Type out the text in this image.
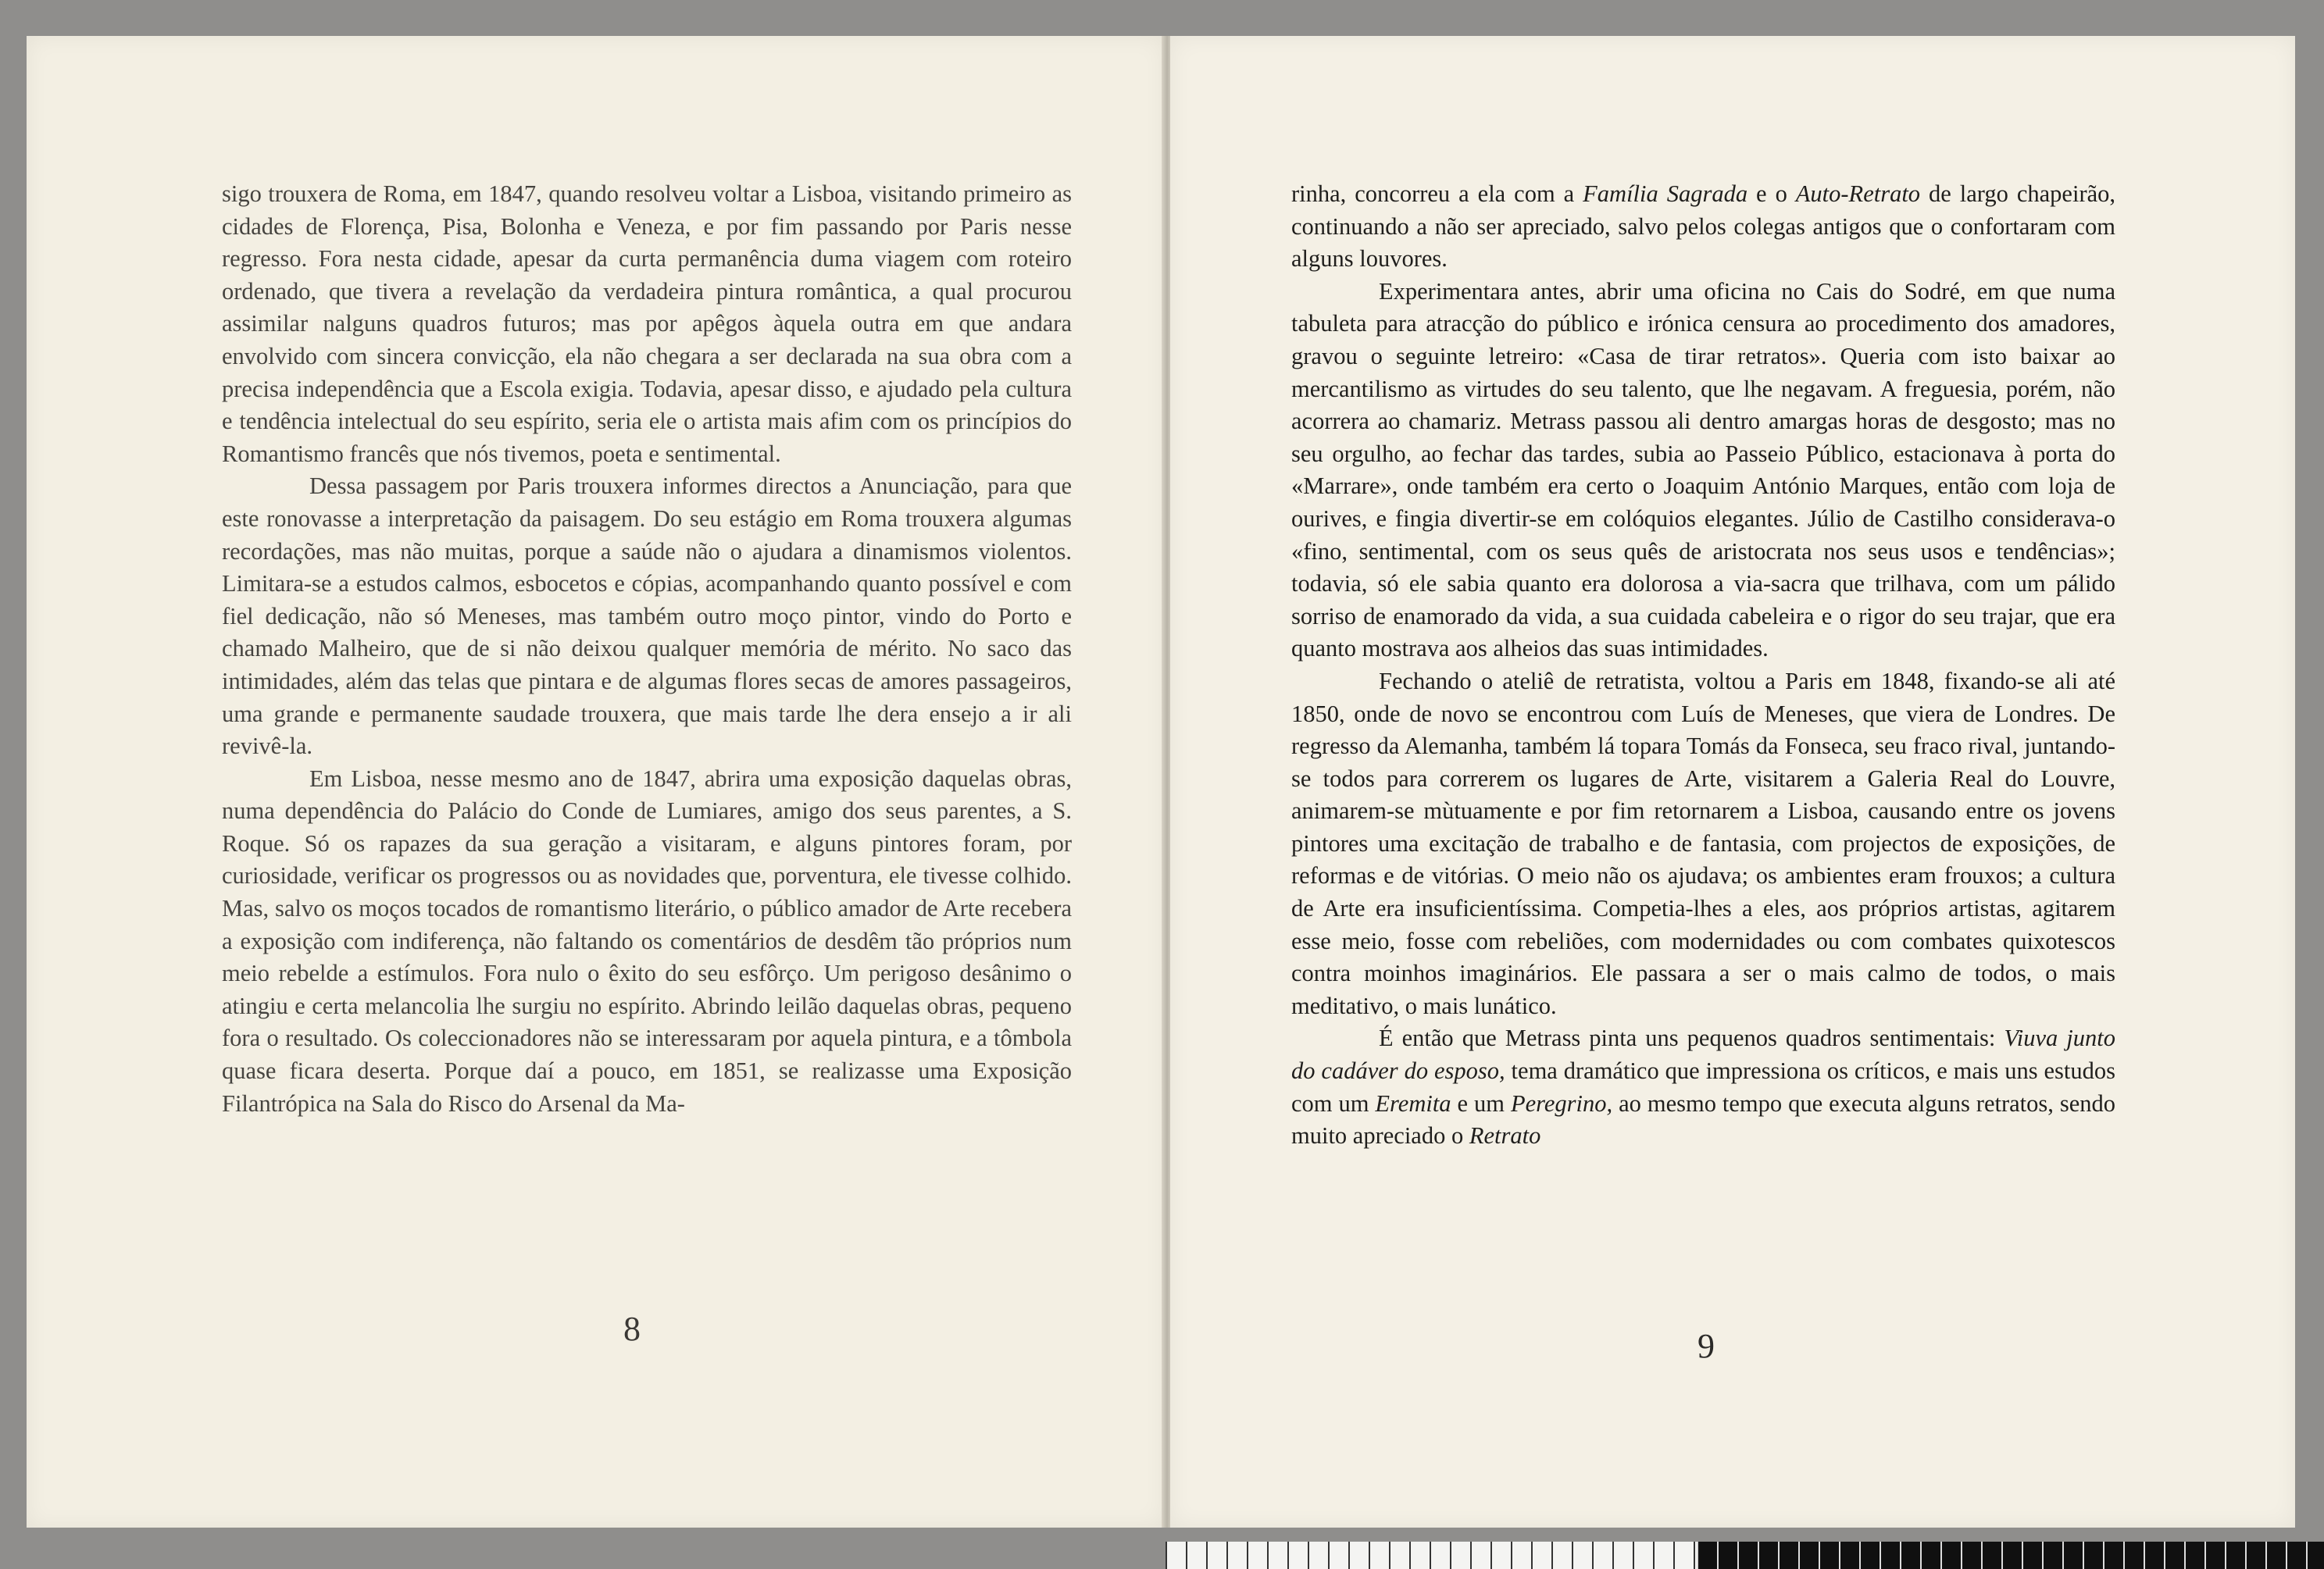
sigo trouxera de Roma, em 1847, quando resolveu voltar a Lisboa, visitando primeiro as cidades de Florença, Pisa, Bolonha e Veneza, e por fim passando por Paris nesse regresso. Fora nesta cidade, apesar da curta permanência duma viagem com roteiro ordenado, que tivera a revelação da verdadeira pintura romântica, a qual procurou assimilar nalguns quadros futuros; mas por apêgos àquela outra em que andara envolvido com sincera convicção, ela não chegara a ser declarada na sua obra com a precisa independência que a Escola exigia. Todavia, apesar disso, e ajudado pela cultura e tendência intelectual do seu espírito, seria ele o artista mais afim com os princípios do Romantismo francês que nós tivemos, poeta e sentimental.

Dessa passagem por Paris trouxera informes directos a Anunciação, para que este ronovasse a interpretação da paisagem. Do seu estágio em Roma trouxera algumas recordações, mas não muitas, porque a saúde não o ajudara a dinamismos violentos. Limitara-se a estudos calmos, esbocetos e cópias, acompanhando quanto possível e com fiel dedicação, não só Meneses, mas também outro moço pintor, vindo do Porto e chamado Malheiro, que de si não deixou qualquer memória de mérito. No saco das intimidades, além das telas que pintara e de algumas flores secas de amores passageiros, uma grande e permanente saudade trouxera, que mais tarde lhe dera ensejo a ir ali revivê-la.

Em Lisboa, nesse mesmo ano de 1847, abrira uma exposição daquelas obras, numa dependência do Palácio do Conde de Lumiares, amigo dos seus parentes, a S. Roque. Só os rapazes da sua geração a visitaram, e alguns pintores foram, por curiosidade, verificar os progressos ou as novidades que, porventura, ele tivesse colhido. Mas, salvo os moços tocados de romantismo literário, o público amador de Arte recebera a exposição com indiferença, não faltando os comentários de desdêm tão próprios num meio rebelde a estímulos. Fora nulo o êxito do seu esfôrço. Um perigoso desânimo o atingiu e certa melancolia lhe surgiu no espírito. Abrindo leilão daquelas obras, pequeno fora o resultado. Os coleccionadores não se interessaram por aquela pintura, e a tômbola quase ficara deserta. Porque daí a pouco, em 1851, se realizasse uma Exposição Filantrópica na Sala do Risco do Arsenal da Ma-

8

rinha, concorreu a ela com a Família Sagrada e o Auto-Retrato de largo chapeirão, continuando a não ser apreciado, salvo pelos colegas antigos que o confortaram com alguns louvores.

Experimentara antes, abrir uma oficina no Cais do Sodré, em que numa tabuleta para atracção do público e irónica censura ao procedimento dos amadores, gravou o seguinte letreiro: «Casa de tirar retratos». Queria com isto baixar ao mercantilismo as virtudes do seu talento, que lhe negavam. A freguesia, porém, não acorrera ao chamariz. Metrass passou ali dentro amargas horas de desgosto; mas no seu orgulho, ao fechar das tardes, subia ao Passeio Público, estacionava à porta do «Marrare», onde também era certo o Joaquim António Marques, então com loja de ourives, e fingia divertir-se em colóquios elegantes. Júlio de Castilho considerava-o «fino, sentimental, com os seus quês de aristocrata nos seus usos e tendências»; todavia, só ele sabia quanto era dolorosa a via-sacra que trilhava, com um pálido sorriso de enamorado da vida, a sua cuidada cabeleira e o rigor do seu trajar, que era quanto mostrava aos alheios das suas intimidades.

Fechando o ateliê de retratista, voltou a Paris em 1848, fixando-se ali até 1850, onde de novo se encontrou com Luís de Meneses, que viera de Londres. De regresso da Alemanha, também lá topara Tomás da Fonseca, seu fraco rival, juntando-se todos para correrem os lugares de Arte, visitarem a Galeria Real do Louvre, animarem-se mùtuamente e por fim retornarem a Lisboa, causando entre os jovens pintores uma excitação de trabalho e de fantasia, com projectos de exposições, de reformas e de vitórias. O meio não os ajudava; os ambientes eram frouxos; a cultura de Arte era insuficientíssima. Competia-lhes a eles, aos próprios artistas, agitarem esse meio, fosse com rebeliões, com modernidades ou com combates quixotescos contra moinhos imaginários. Ele passara a ser o mais calmo de todos, o mais meditativo, o mais lunático.

É então que Metrass pinta uns pequenos quadros sentimentais: Viuva junto do cadáver do esposo, tema dramático que impressiona os críticos, e mais uns estudos com um Eremita e um Peregrino, ao mesmo tempo que executa alguns retratos, sendo muito apreciado o Retrato

9
